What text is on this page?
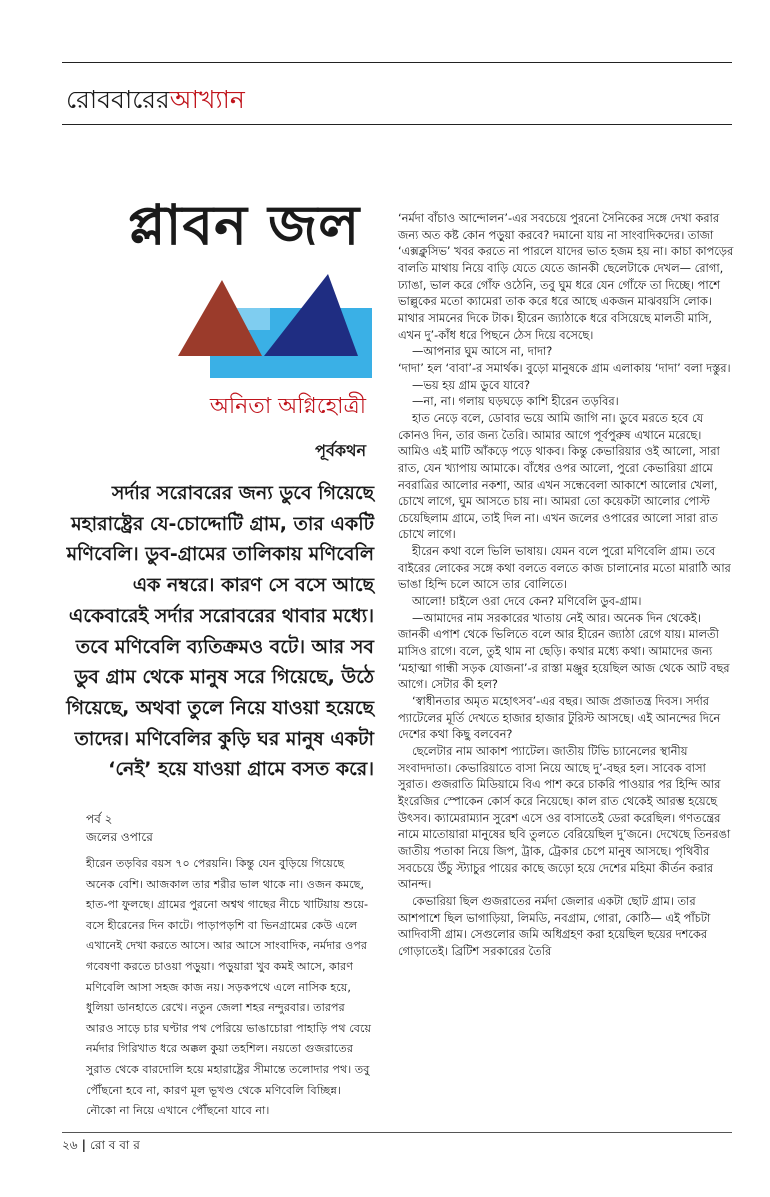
রোববারেরআখ্যান
প্লাবন জল
অনিতা অগ্নিহোত্রী
পূর্বকথন
সর্দার সরোবরের জন্য ডুবে গিয়েছে মহারাষ্ট্রের যে-চোদ্দোটি গ্রাম, তার একটি মণিবেলি। ডুব-গ্রামের তালিকায় মণিবেলি এক নম্বরে। কারণ সে বসে আছে একেবারেই সর্দার সরোবরের থাবার মধ্যে। তবে মণিবেলি ব্যতিক্রমও বটে। আর সব ডুব গ্রাম থেকে মানুষ সরে গিয়েছে, উঠে গিয়েছে, অথবা তুলে নিয়ে যাওয়া হয়েছে তাদের। মণিবেলির কুড়ি ঘর মানুষ একটা ‘নেই’ হয়ে যাওয়া গ্রামে বসত করে।
পর্ব ২
জলের ওপারে

হীরেন তড়বির বয়স ৭০ পেরয়নি। কিন্তু যেন বুড়িয়ে গিয়েছে অনেক বেশি। আজকাল তার শরীর ভাল থাকে না। ওজন কমছে, হাত-পা ফুলছে। গ্রামের পুরনো অশ্বথ গাছের নীচে খাটিয়ায় শুয়ে-বসে হীরেনের দিন কাটে। পাড়াপড়শি বা ভিনগ্রামের কেউ এলে এখানেই দেখা করতে আসে। আর আসে সাংবাদিক, নর্মদার ওপর গবেষণা করতে চাওয়া পড়ুয়া। পড়ুয়ারা খুব কমই আসে, কারণ মণিবেলি আসা সহজ কাজ নয়। সড়কপথে এলে নাসিক হয়ে, ধুলিয়া ডানহাতে রেখে। নতুন জেলা শহর নন্দুরবার। তারপর আরও সাড়ে চার ঘণ্টার পথ পেরিয়ে ভাঙাচোরা পাহাড়ি পথ বেয়ে নর্মদার গিরিখাত ধরে অক্কল কুয়া তহশিল। নয়তো গুজরাতের সুরাত থেকে বারদোলি হয়ে মহারাষ্ট্রের সীমান্তে তলোদার পথ। তবু পৌঁছনো হবে না, কারণ মূল ভূখণ্ড থেকে মণিবেলি বিচ্ছিন্ন। নৌকো না নিয়ে এখানে পৌঁছনো যাবে না।

‘নর্মদা বাঁচাও আন্দোলন’-এর সবচেয়ে পুরনো সৈনিকের সঙ্গে দেখা করার জন্য অত কষ্ট কোন পড়ুয়া করবে? দমানো যায় না সাংবাদিকদের। তাজা ‘এক্সক্লুসিভ’ খবর করতে না পারলে যাদের ভাত হজম হয় না। কাচা কাপড়ের বালতি মাথায় নিয়ে বাড়ি যেতে যেতে জানকী ছেলেটাকে দেখল— রোগা, ঢ্যাঙা, ভাল করে গোঁফ ওঠেনি, তবু ঘুম ধরে যেন গোঁফে তা দিচ্ছে। পাশে ভাল্লুকের মতো ক্যামেরা তাক করে ধরে আছে একজন মাঝবয়সি লোক। মাথার সামনের দিকে টাক। হীরেন জ্যাঠাকে ধরে বসিয়েছে মালতী মাসি, এখন দু’-কাঁধ ধরে পিছনে ঠেস দিয়ে বসেছে।

—আপনার ঘুম আসে না, দাদা?

‘দাদা’ হল ‘বাবা’-র সমার্থক। বুড়ো মানুষকে গ্রাম এলাকায় ‘দাদা’ বলা দস্তুর।

—ভয় হয় গ্রাম ডুবে যাবে?

—না, না। গলায় ঘড়ঘড়ে কাশি হীরেন তড়বির।

হাত নেড়ে বলে, ডোবার ভয়ে আমি জাগি না। ডুবে মরতে হবে যে কোনও দিন, তার জন্য তৈরি। আমার আগে পূর্বপুরুষ এখানে মরেছে। আমিও এই মাটি আঁকড়ে পড়ে থাকব। কিন্তু কেভারিয়ার ওই আলো, সারা রাত, যেন খ্যাপায় আমাকে। বাঁধের ওপর আলো, পুরো কেভারিয়া গ্রামে নবরাত্রির আলোর নকশা, আর এখন সন্ধেবেলা আকাশে আলোর খেলা, চোখে লাগে, ঘুম আসতে চায় না। আমরা তো কয়েকটা আলোর পোস্ট চেয়েছিলাম গ্রামে, তাই দিল না। এখন জলের ওপারের আলো সারা রাত চোখে লাগে।

হীরেন কথা বলে ভিলি ভাষায়। যেমন বলে পুরো মণিবেলি গ্রাম। তবে বাইরের লোকের সঙ্গে কথা বলতে বলতে কাজ চালানোর মতো মারাঠি আর ভাঙা হিন্দি চলে আসে তার বোলিতে।

আলো! চাইলে ওরা দেবে কেন? মণিবেলি ডুব-গ্রাম।

—আমাদের নাম সরকারের খাতায় নেই আর। অনেক দিন থেকেই। জানকী এপাশ থেকে ভিলিতে বলে আর হীরেন জ্যাঠা রেগে যায়। মালতী মাসিও রাগে। বলে, তুই থাম না ছেড়ি। কথার মধ্যে কথা। আমাদের জন্য ‘মহাত্মা গান্ধী সড়ক যোজনা’-র রাস্তা মঞ্জুর হয়েছিল আজ থেকে আট বছর আগে। সেটার কী হল?

‘স্বাধীনতার অমৃত মহোৎসব’-এর বছর। আজ প্রজাতন্ত্র দিবস। সর্দার প্যাটেলের মূর্তি দেখতে হাজার হাজার টুরিস্ট আসছে। এই আনন্দের দিনে দেশের কথা কিছু বলবেন?

ছেলেটার নাম আকাশ প্যাটেল। জাতীয় টিভি চ্যানেলের স্থানীয় সংবাদদাতা। কেভারিয়াতে বাসা নিয়ে আছে দু’-বছর হল। সাবেক বাসা সুরাত। গুজরাতি মিডিয়ামে বিএ পাশ করে চাকরি পাওয়ার পর হিন্দি আর ইংরেজির স্পোকেন কোর্স করে নিয়েছে। কাল রাত থেকেই আরম্ভ হয়েছে উৎসব। ক্যামেরাম্যান সুরেশ এসে ওর বাসাতেই ডেরা করেছিল। গণতন্ত্রের নামে মাতোয়ারা মানুষের ছবি তুলতে বেরিয়েছিল দু’জনে। দেখেছে তিনরঙা জাতীয় পতাকা নিয়ে জিপ, ট্রাক, ট্রেকার চেপে মানুষ আসছে। পৃথিবীর সবচেয়ে উঁচু স্ট্যাচুর পায়ের কাছে জড়ো হয়ে দেশের মহিমা কীর্তন করার আনন্দ।

কেভারিয়া ছিল গুজরাতের নর্মদা জেলার একটা ছোট গ্রাম। তার আশপাশে ছিল ভাগাড়িয়া, লিমডি, নবগ্রাম, গোরা, কোঠি— এই পাঁচটা আদিবাসী গ্রাম। সেগুলোর জমি অধিগ্রহণ করা হয়েছিল ছয়ের দশকের গোড়াতেই। ব্রিটিশ সরকারের তৈরি

২৬ | রো ব বা র
